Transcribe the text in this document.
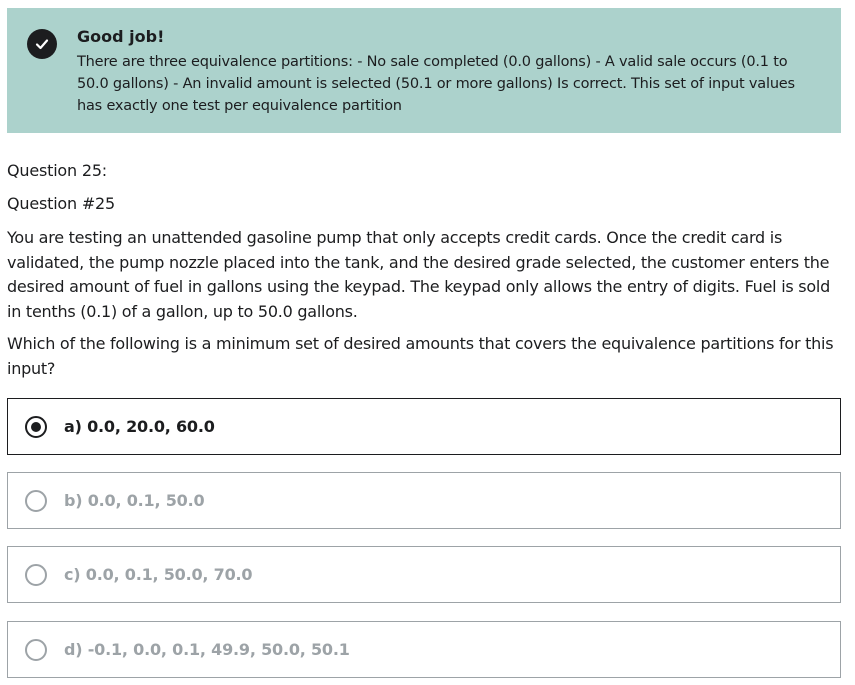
Good job!
There are three equivalence partitions: - No sale completed (0.0 gallons) - A valid sale occurs (0.1 to 50.0 gallons) - An invalid amount is selected (50.1 or more gallons) Is correct. This set of input values has exactly one test per equivalence partition
Question 25:
Question #25
You are testing an unattended gasoline pump that only accepts credit cards. Once the credit card is validated, the pump nozzle placed into the tank, and the desired grade selected, the customer enters the desired amount of fuel in gallons using the keypad. The keypad only allows the entry of digits. Fuel is sold in tenths (0.1) of a gallon, up to 50.0 gallons.
Which of the following is a minimum set of desired amounts that covers the equivalence partitions for this input?
a) 0.0, 20.0, 60.0
b) 0.0, 0.1, 50.0
c) 0.0, 0.1, 50.0, 70.0
d) -0.1, 0.0, 0.1, 49.9, 50.0, 50.1
